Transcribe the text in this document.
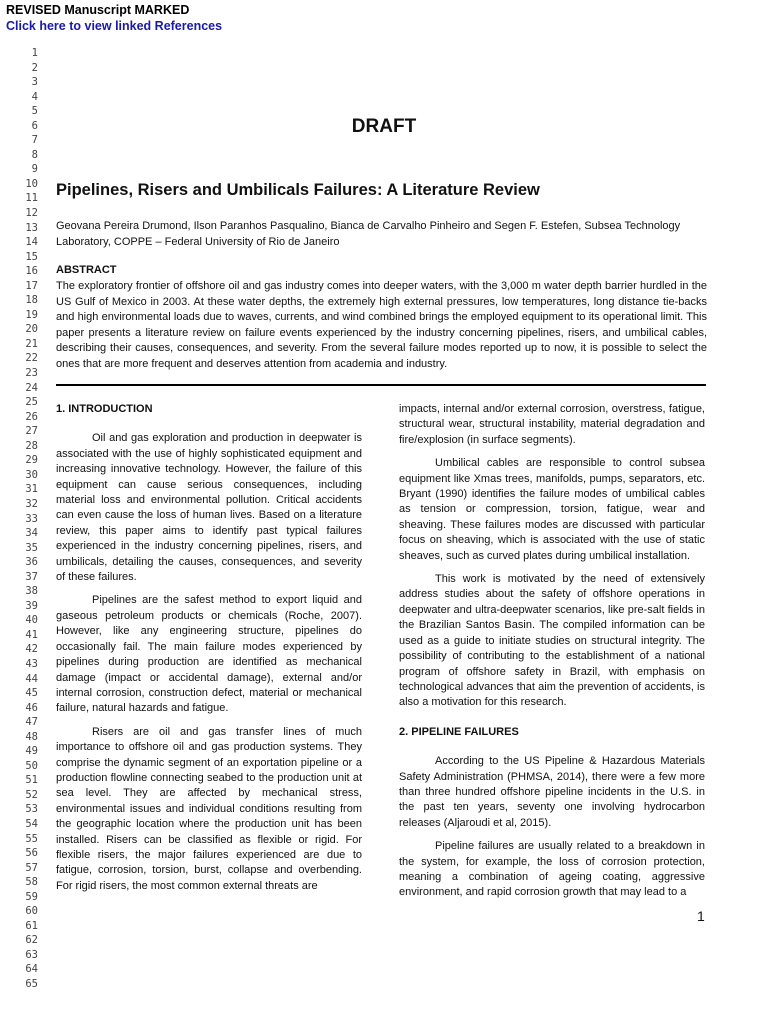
REVISED Manuscript MARKED
Click here to view linked References
1
2
3
4
5
6
7
8
9
10
11
12
13
14
15
16
17
18
19
20
21
22
23
24
25
26
27
28
29
30
31
32
33
34
35
36
37
38
39
40
41
42
43
44
45
46
47
48
49
50
51
52
53
54
55
56
57
58
59
60
61
62
63
64
65
DRAFT
Pipelines, Risers and Umbilicals Failures: A Literature Review
Geovana Pereira Drumond, Ilson Paranhos Pasqualino, Bianca de Carvalho Pinheiro and Segen F. Estefen, Subsea Technology Laboratory, COPPE – Federal University of Rio de Janeiro
ABSTRACT
The exploratory frontier of offshore oil and gas industry comes into deeper waters, with the 3,000 m water depth barrier hurdled in the US Gulf of Mexico in 2003. At these water depths, the extremely high external pressures, low temperatures, long distance tie-backs and high environmental loads due to waves, currents, and wind combined brings the employed equipment to its operational limit. This paper presents a literature review on failure events experienced by the industry concerning pipelines, risers, and umbilical cables, describing their causes, consequences, and severity. From the several failure modes reported up to now, it is possible to select the ones that are more frequent and deserves attention from academia and industry.
1. INTRODUCTION

Oil and gas exploration and production in deepwater is associated with the use of highly sophisticated equipment and increasing innovative technology. However, the failure of this equipment can cause serious consequences, including material loss and environmental pollution. Critical accidents can even cause the loss of human lives. Based on a literature review, this paper aims to identify past typical failures experienced in the industry concerning pipelines, risers, and umbilicals, detailing the causes, consequences, and severity of these failures.

Pipelines are the safest method to export liquid and gaseous petroleum products or chemicals (Roche, 2007). However, like any engineering structure, pipelines do occasionally fail. The main failure modes experienced by pipelines during production are identified as mechanical damage (impact or accidental damage), external and/or internal corrosion, construction defect, material or mechanical failure, natural hazards and fatigue.

Risers are oil and gas transfer lines of much importance to offshore oil and gas production systems. They comprise the dynamic segment of an exportation pipeline or a production flowline connecting seabed to the production unit at sea level. They are affected by mechanical stress, environmental issues and individual conditions resulting from the geographic location where the production unit has been installed. Risers can be classified as flexible or rigid. For flexible risers, the major failures experienced are due to fatigue, corrosion, torsion, burst, collapse and overbending. For rigid risers, the most common external threats are

impacts, internal and/or external corrosion, overstress, fatigue, structural wear, structural instability, material degradation and fire/explosion (in surface segments).

Umbilical cables are responsible to control subsea equipment like Xmas trees, manifolds, pumps, separators, etc. Bryant (1990) identifies the failure modes of umbilical cables as tension or compression, torsion, fatigue, wear and sheaving. These failures modes are discussed with particular focus on sheaving, which is associated with the use of static sheaves, such as curved plates during umbilical installation.

This work is motivated by the need of extensively address studies about the safety of offshore operations in deepwater and ultra-deepwater scenarios, like pre-salt fields in the Brazilian Santos Basin. The compiled information can be used as a guide to initiate studies on structural integrity. The possibility of contributing to the establishment of a national program of offshore safety in Brazil, with emphasis on technological advances that aim the prevention of accidents, is also a motivation for this research.

2. PIPELINE FAILURES

According to the US Pipeline & Hazardous Materials Safety Administration (PHMSA, 2014), there were a few more than three hundred offshore pipeline incidents in the U.S. in the past ten years, seventy one involving hydrocarbon releases (Aljaroudi et al, 2015).

Pipeline failures are usually related to a breakdown in the system, for example, the loss of corrosion protection, meaning a combination of ageing coating, aggressive environment, and rapid corrosion growth that may lead to a

1
